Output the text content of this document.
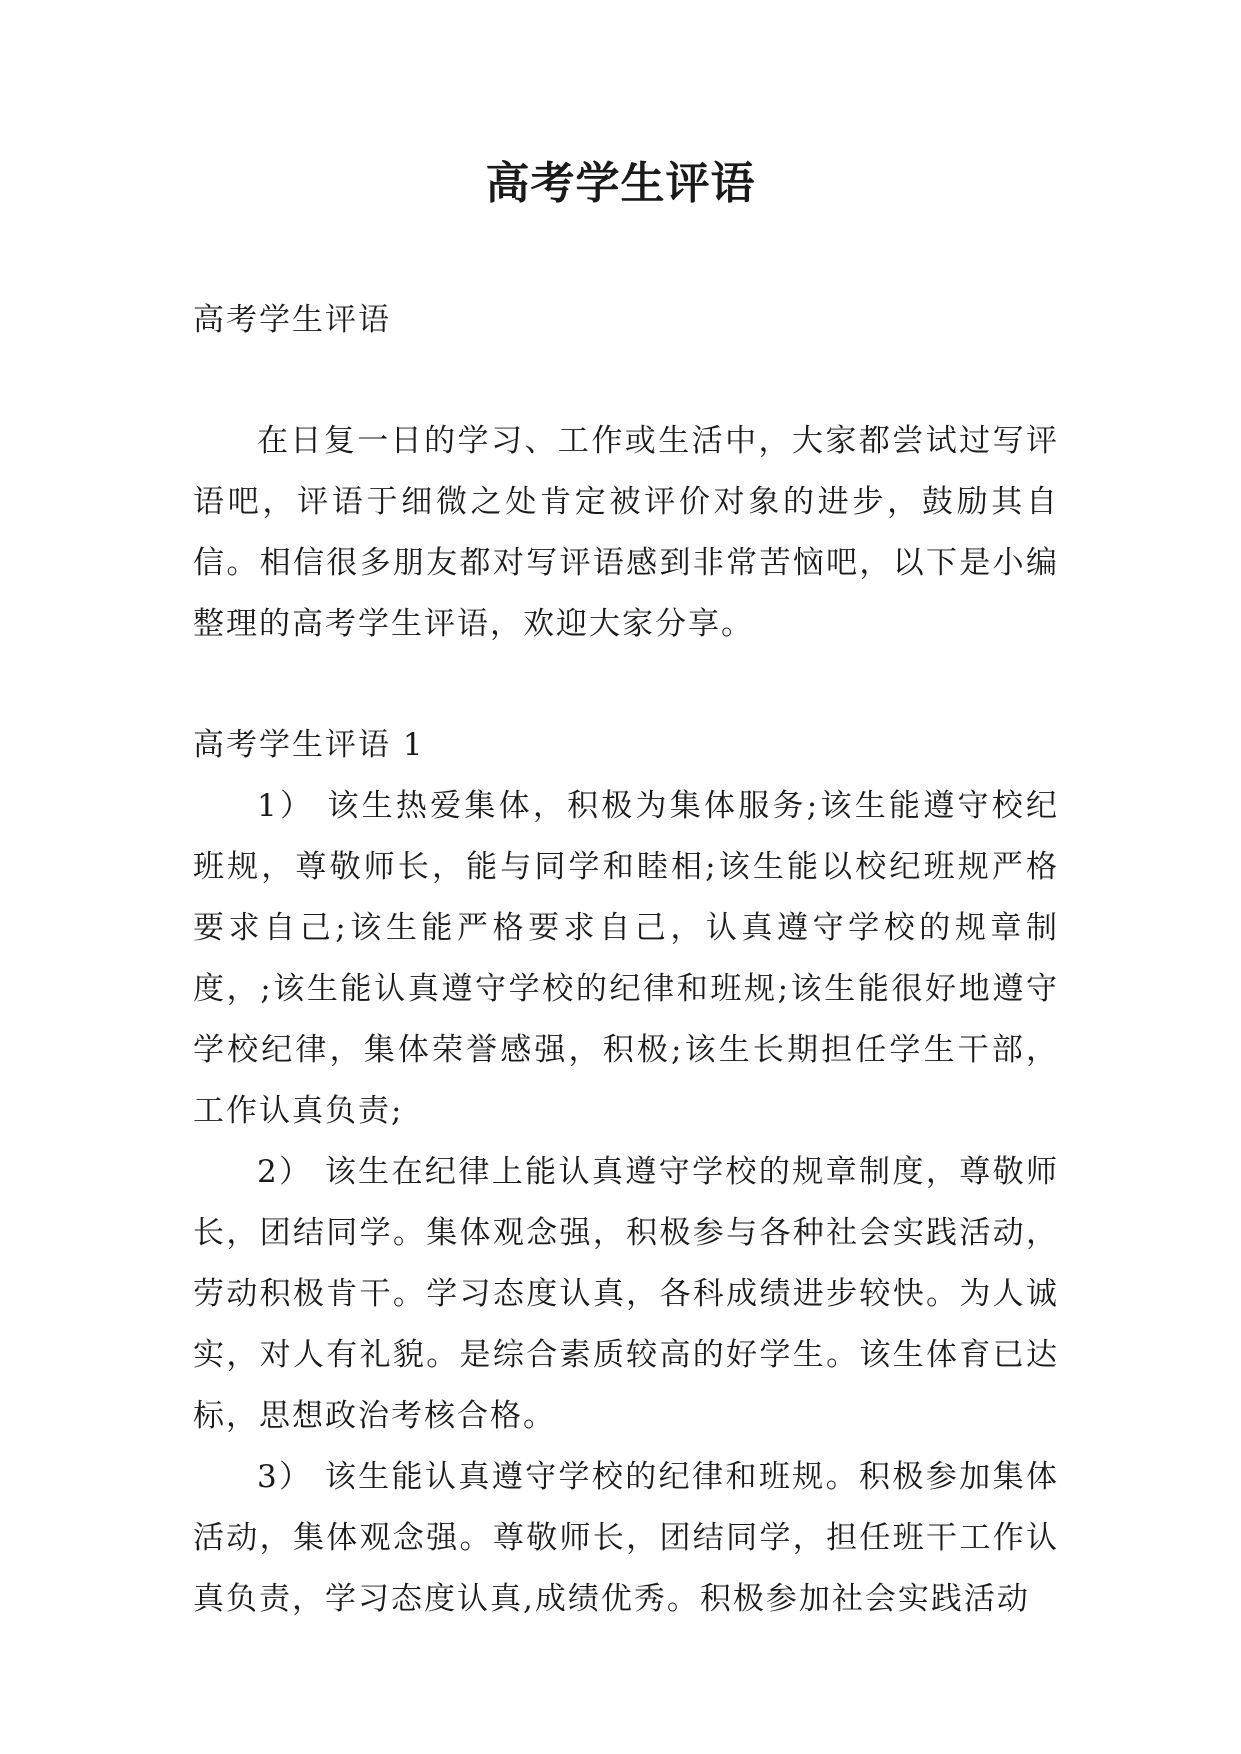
高考学生评语

高考学生评语

在日复一日的学习、工作或生活中，大家都尝试过写评语吧，评语于细微之处肯定被评价对象的进步，鼓励其自信。相信很多朋友都对写评语感到非常苦恼吧，以下是小编整理的高考学生评语，欢迎大家分享。

高考学生评语 1

1） 该生热爱集体，积极为集体服务;该生能遵守校纪班规，尊敬师长，能与同学和睦相;该生能以校纪班规严格要求自己;该生能严格要求自己，认真遵守学校的规章制度，;该生能认真遵守学校的纪律和班规;该生能很好地遵守学校纪律，集体荣誉感强，积极;该生长期担任学生干部，工作认真负责;

2） 该生在纪律上能认真遵守学校的规章制度，尊敬师长，团结同学。集体观念强，积极参与各种社会实践活动，劳动积极肯干。学习态度认真，各科成绩进步较快。为人诚实，对人有礼貌。是综合素质较高的好学生。该生体育已达标，思想政治考核合格。

3） 该生能认真遵守学校的纪律和班规。积极参加集体活动，集体观念强。尊敬师长，团结同学，担任班干工作认真负责，学习态度认真,成绩优秀。积极参加社会实践活动
